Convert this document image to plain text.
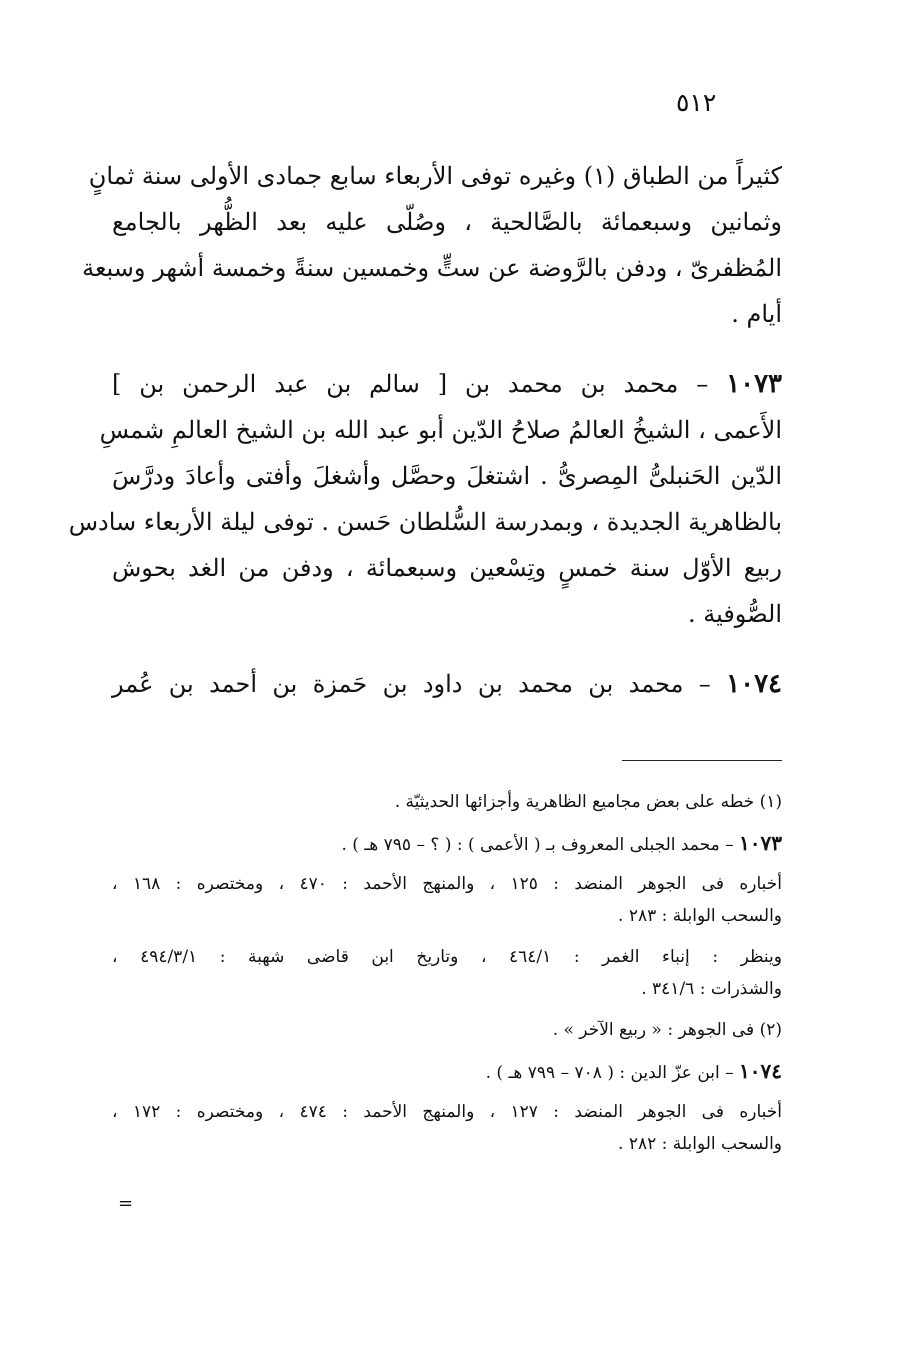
٥١٢
كثيراً من الطباق (١) وغيره توفى الأربعاء سابع جمادى الأولى سنة ثمانٍ
وثمانين وسبعمائة بالصَّالحية ، وصُلّى عليه بعد الظُّهر بالجامع
المُظفرىّ ، ودفن بالرَّوضة عن ستٍّ وخمسين سنةً وخمسة أشهر وسبعة
أيام .
١٠٧٣ – محمد بن محمد بن [ سالم بن عبد الرحمن بن ]
الأَعمى ، الشيخُ العالمُ صلاحُ الدّين أبو عبد الله بن الشيخ العالمِ شمسِ
الدّين الحَنبلىُّ المِصرىُّ . اشتغلَ وحصَّل وأشغلَ وأفتى وأعادَ ودرَّسَ
بالظاهرية الجديدة ، وبمدرسة السُّلطان حَسن . توفى ليلة الأربعاء سادس
ربيع الأوّل سنة خمسٍ وتِسْعين وسبعمائة ، ودفن من الغد بحوش
الصُّوفية .
١٠٧٤ – محمد بن محمد بن داود بن حَمزة بن أحمد بن عُمر
(١) خطه على بعض مجاميع الظاهرية وأجزائها الحديثيّة .
١٠٧٣ – محمد الجبلى المعروف بـ ( الأعمى ) : ( ؟ – ٧٩٥ هـ ) .
أخباره فى الجوهر المنضد : ١٢٥ ، والمنهج الأحمد : ٤٧٠ ، ومختصره : ١٦٨ ،
والسحب الوابلة : ٢٨٣ .
وينظر : إنباء الغمر : ٤٦٤/١ ، وتاريخ ابن قاضى شهبة : ٤٩٤/٣/١ ،
والشذرات : ٣٤١/٦ .
(٢) فى الجوهر : « ربيع الآخر » .
١٠٧٤ – ابن عزّ الدين : ( ٧٠٨ – ٧٩٩ هـ ) .
أخباره فى الجوهر المنضد : ١٢٧ ، والمنهج الأحمد : ٤٧٤ ، ومختصره : ١٧٢ ،
والسحب الوابلة : ٢٨٢ .
=
